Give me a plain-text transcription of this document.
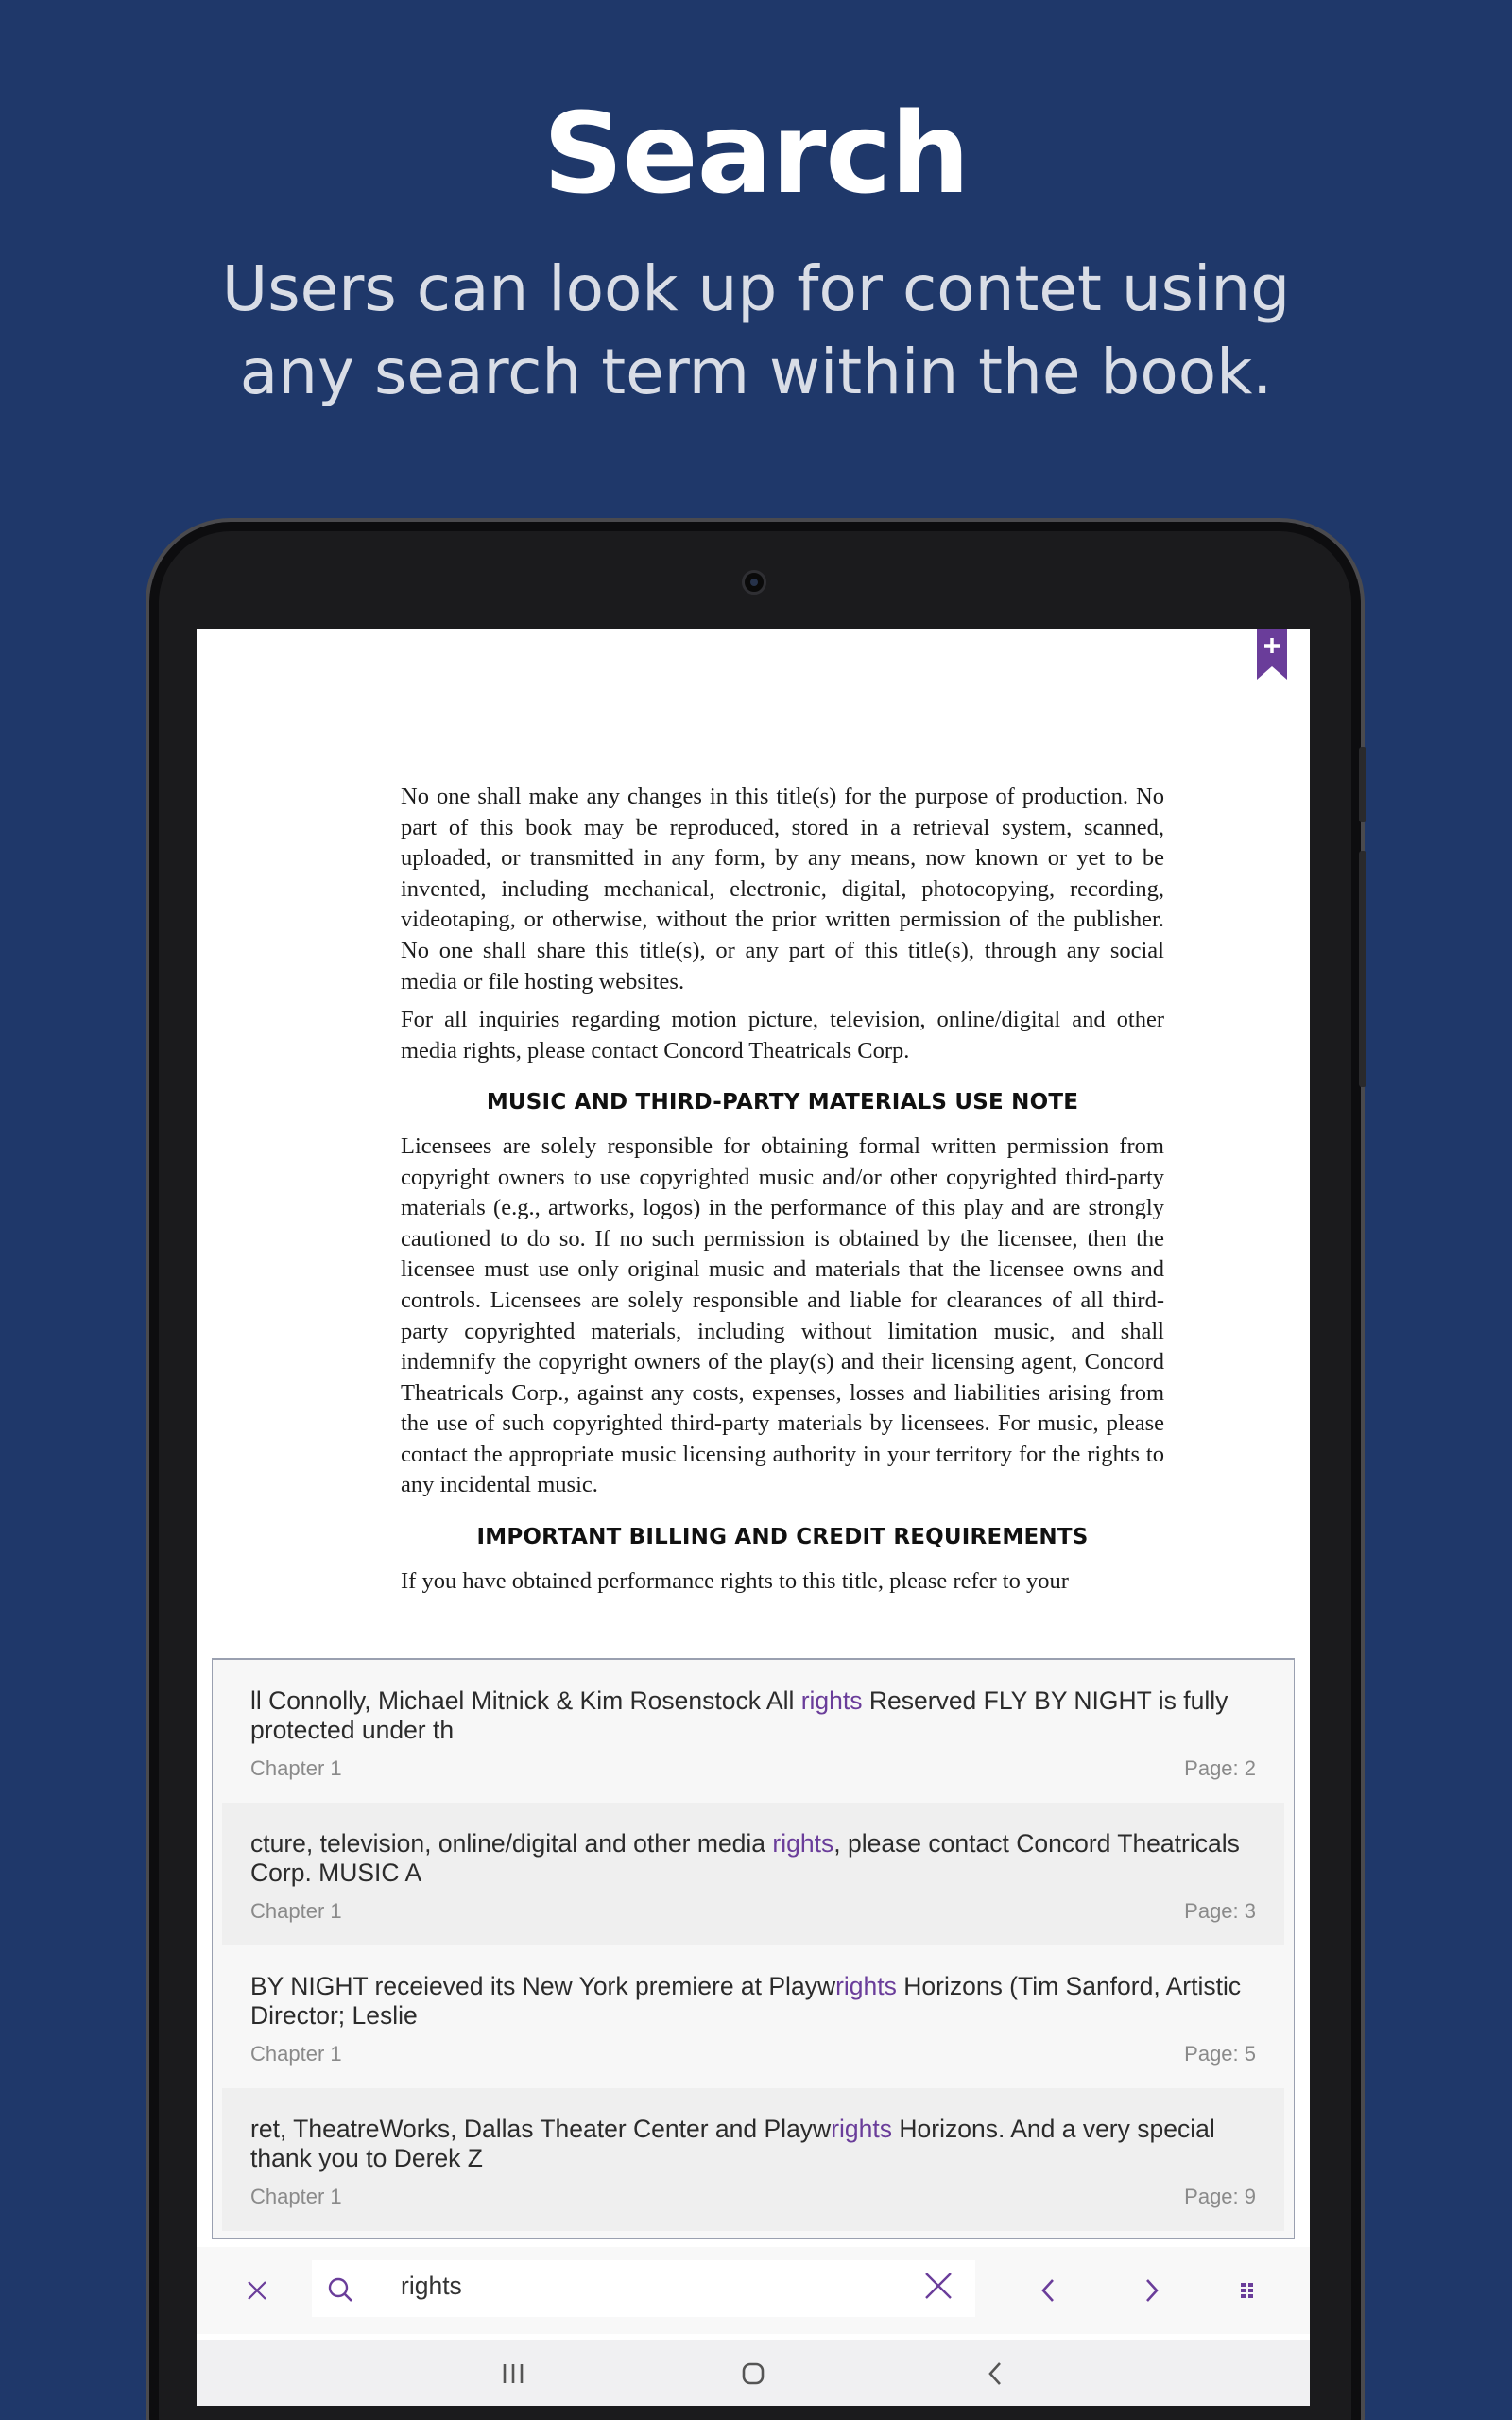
Search
Users can look up for contet using
any search term within the book.

No one shall make any changes in this title(s) for the purpose of production. No part of this book may be reproduced, stored in a retrieval system, scanned, uploaded, or transmitted in any form, by any means, now known or yet to be invented, including mechanical, electronic, digital, photocopying, recording, videotaping, or otherwise, without the prior written permission of the publisher. No one shall share this title(s), or any part of this title(s), through any social media or file hosting websites.

For all inquiries regarding motion picture, television, online/digital and other media rights, please contact Concord Theatricals Corp.

MUSIC AND THIRD-PARTY MATERIALS USE NOTE

Licensees are solely responsible for obtaining formal written permission from copyright owners to use copyrighted music and/or other copyrighted third-party materials (e.g., artworks, logos) in the performance of this play and are strongly cautioned to do so. If no such permission is obtained by the licensee, then the licensee must use only original music and materials that the licensee owns and controls. Licensees are solely responsible and liable for clearances of all third-party copyrighted materials, including without limitation music, and shall indemnify the copyright owners of the play(s) and their licensing agent, Concord Theatricals Corp., against any costs, expenses, losses and liabilities arising from the use of such copyrighted third-party materials by licensees. For music, please contact the appropriate music licensing authority in your territory for the rights to any incidental music.

IMPORTANT BILLING AND CREDIT REQUIREMENTS

If you have obtained performance rights to this title, please refer to your

ll Connolly, Michael Mitnick & Kim Rosenstock All rights Reserved FLY BY NIGHT is fully protected under th
Chapter 1	Page: 2
cture, television, online/digital and other media rights, please contact Concord Theatricals Corp. MUSIC A
Chapter 1	Page: 3
BY NIGHT receieved its New York premiere at Playwrights Horizons (Tim Sanford, Artistic Director; Leslie
Chapter 1	Page: 5
ret, TheatreWorks, Dallas Theater Center and Playwrights Horizons. And a very special thank you to Derek Z
Chapter 1	Page: 9
rights
